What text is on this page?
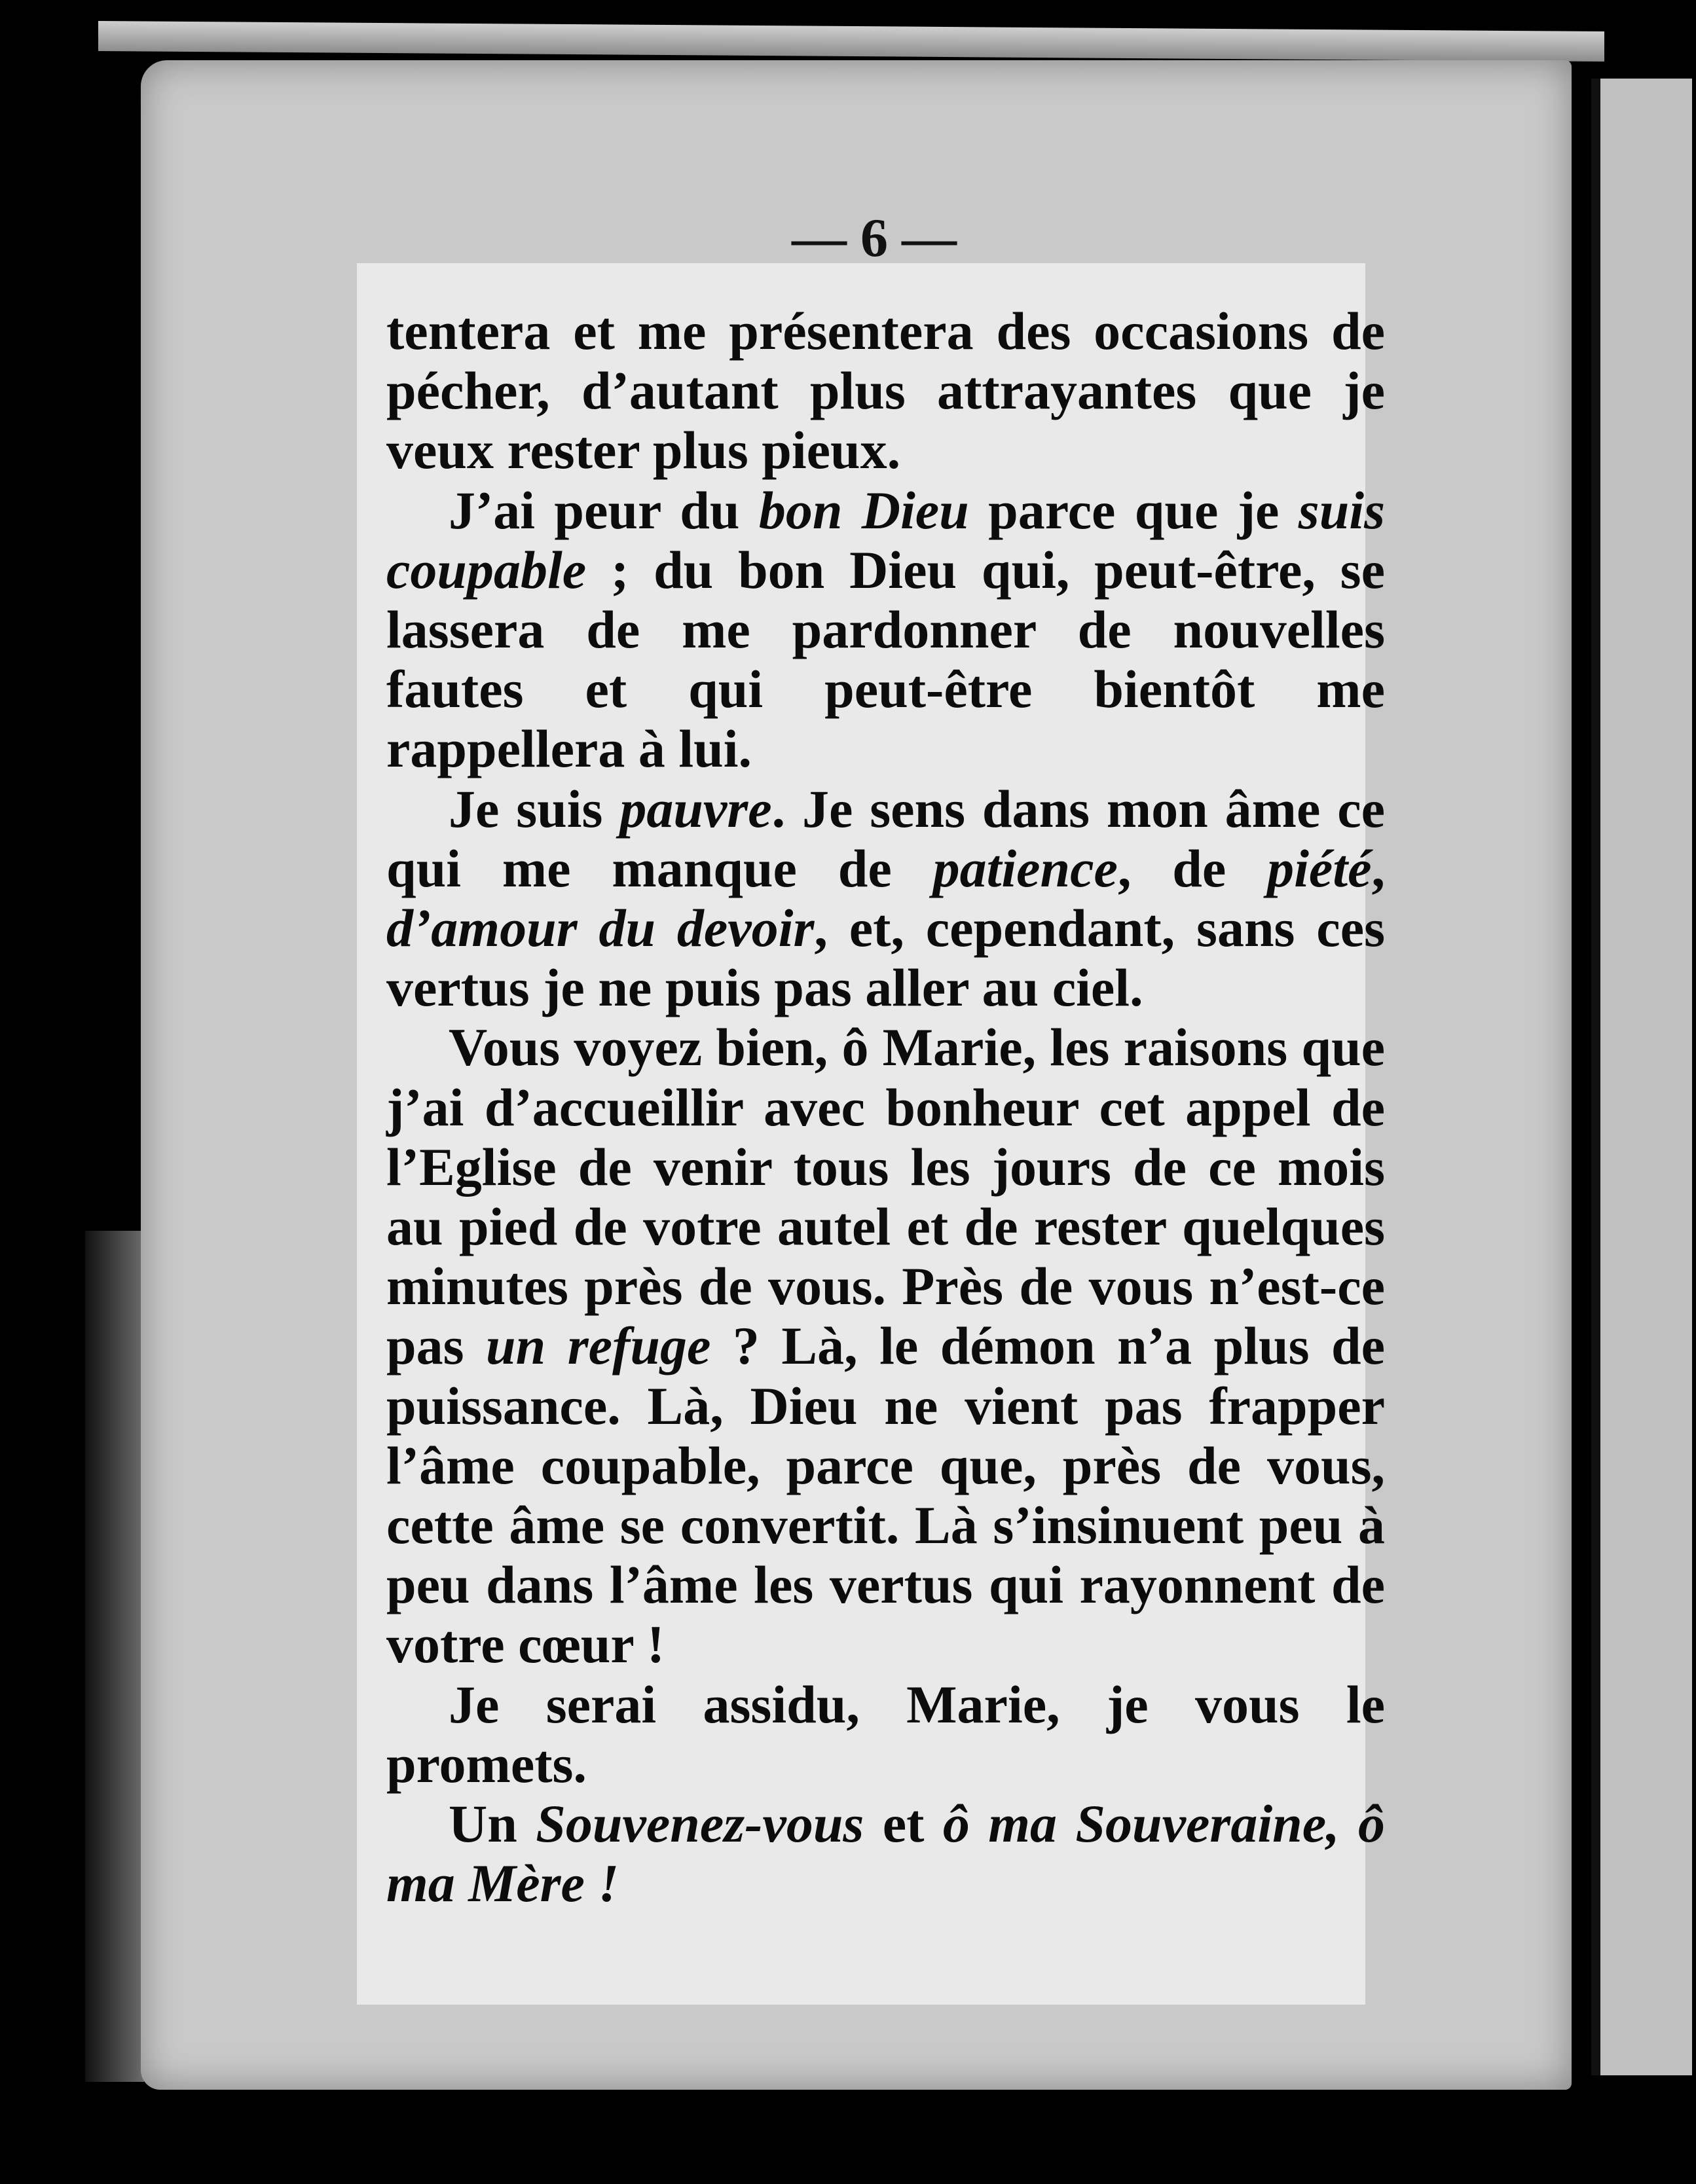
— 6 —

tentera et me présentera des occasions de pécher, d’autant plus attrayantes que je veux rester plus pieux.

J’ai peur du bon Dieu parce que je suis coupable ; du bon Dieu qui, peut-être, se lassera de me pardonner de nouvelles fautes et qui peut-être bientôt me rappellera à lui.

Je suis pauvre. Je sens dans mon âme ce qui me manque de patience, de piété, d’amour du devoir, et, cependant, sans ces vertus je ne puis pas aller au ciel.

Vous voyez bien, ô Marie, les raisons que j’ai d’accueillir avec bonheur cet appel de l’Eglise de venir tous les jours de ce mois au pied de votre autel et de rester quelques minutes près de vous. Près de vous n’est-ce pas un refuge ? Là, le démon n’a plus de puissance. Là, Dieu ne vient pas frapper l’âme coupable, parce que, près de vous, cette âme se convertit. Là s’insinuent peu à peu dans l’âme les vertus qui rayonnent de votre cœur !

Je serai assidu, Marie, je vous le promets.

Un Souvenez-vous et ô ma Souveraine, ô ma Mère !
